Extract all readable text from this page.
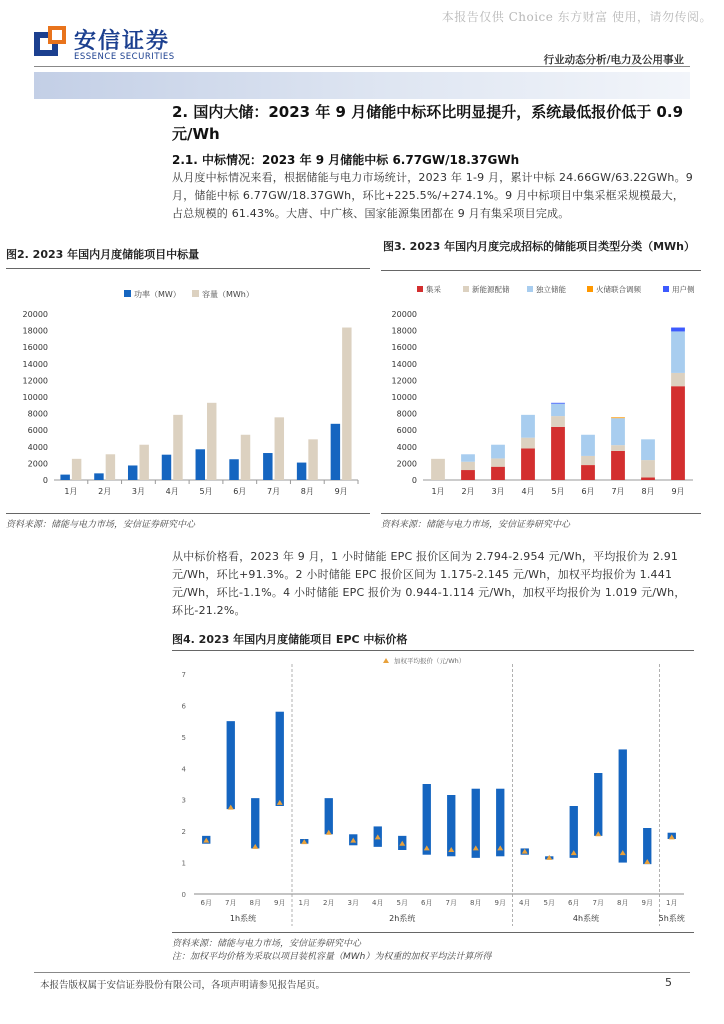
本报告仅供 Choice 东方财富 使用，请勿传阅。
安信证券
ESSENCE SECURITIES	行业动态分析/电力及公用事业
2. 国内大储：2023 年 9 月储能中标环比明显提升，系统最低报价低于 0.9 元/Wh
2.1. 中标情况：2023 年 9 月储能中标 6.77GW/18.37GWh
从月度中标情况来看，根据储能与电力市场统计，2023 年 1-9 月，累计中标 24.66GW/63.22GWh。9 月，储能中标 6.77GW/18.37GWh，环比+225.5%/+274.1%。9 月中标项目中集采框采规模最大，占总规模的 61.43%。大唐、中广核、国家能源集团都在 9 月有集采项目完成。
图2. 2023 年国内月度储能项目中标量
功率（MW）	容量（MWh）
0
2000
4000
6000
8000
10000
12000
14000
16000
18000
20000
1月	2月	3月	4月	5月	6月	7月	8月	9月
资料来源：储能与电力市场，安信证券研究中心
图3. 2023 年国内月度完成招标的储能项目类型分类（MWh）
集采	新能源配储	独立储能	火储联合调频	用户侧
0
2000
4000
6000
8000
10000
12000
14000
16000
18000
20000
1月 2月 3月 4月 5月 6月 7月 8月 9月
资料来源：储能与电力市场，安信证券研究中心
从中标价格看，2023 年 9 月，1 小时储能 EPC 报价区间为 2.794-2.954 元/Wh，平均报价为 2.91 元/Wh，环比+91.3%。2 小时储能 EPC 报价区间为 1.175-2.145 元/Wh，加权平均报价为 1.441 元/Wh，环比-1.1%。4 小时储能 EPC 报价为 0.944-1.114 元/Wh，加权平均报价为 1.019 元/Wh，环比-21.2%。
图4. 2023 年国内月度储能项目 EPC 中标价格
加权平均报价（元/Wh）
0
1
2
3
4
5
6
7
6月 7月 8月 9月
1h系统
1月 2月 3月 4月 5月 6月 7月 8月 9月
2h系统
4月 5月 6月 7月 8月 9月
4h系统
1月
5h系统
资料来源：储能与电力市场，安信证券研究中心
注：加权平均价格为采取以项目装机容量（MWh）为权重的加权平均法计算所得
本报告版权属于安信证券股份有限公司，各项声明请参见报告尾页。	5
